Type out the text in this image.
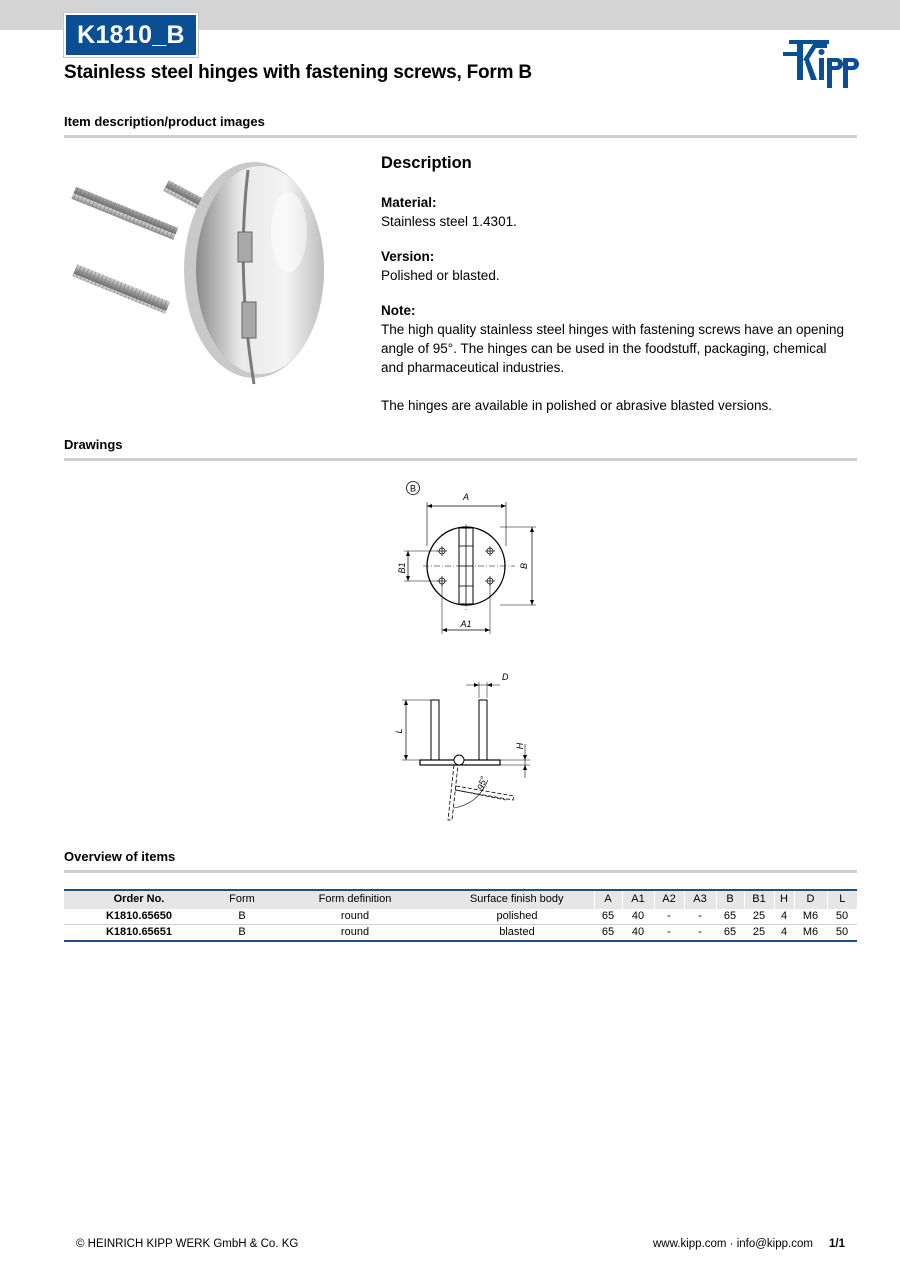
K1810_B
Stainless steel hinges with fastening screws, Form B
Item description/product images
Description

Material:

Stainless steel 1.4301.

Version:

Polished or blasted.

Note:

The high quality stainless steel hinges with fastening screws have an opening angle of 95°. The hinges can be used in the foodstuff, packaging, chemical and pharmaceutical industries.

The hinges are available in polished or abrasive blasted versions.

Drawings
B
A
B1	B
A1
D
L
H
95°
Overview of items
Order No.	Form	Form definition	Surface finish body	A	A1	A2	A3	B	B1	H	D	L
K1810.65650	B	round	polished	65	40	-	-	65	25	4	M6	50
K1810.65651	B	round	blasted	65	40	-	-	65	25	4	M6	50
© HEINRICH KIPP WERK GmbH & Co. KG	www.kipp.com · info@kipp.com 1/1
